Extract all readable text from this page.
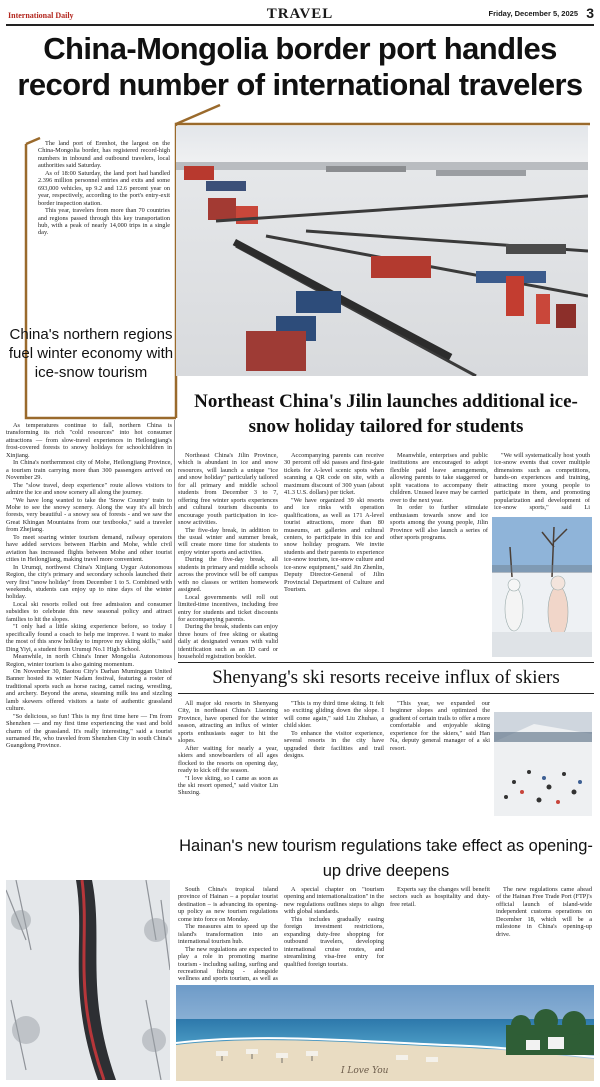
International Daily	TRAVEL	Friday, December 5, 2025 3
China-Mongolia border port handles record number of international travelers

The land port of Erenhot, the largest on the China-Mongolia border, has registered record-high numbers in inbound and outbound travelers, local authorities said Saturday.

As of 18:00 Saturday, the land port had handled 2.396 million personnel entries and exits and some 693,000 vehicles, up 9.2 and 12.6 percent year on year, respectively, according to the port's entry-exit border inspection station.

This year, travelers from more than 70 countries and regions passed through this key transportation hub, with a peak of nearly 14,000 trips in a single day.

China's northern regions fuel winter economy with ice-snow tourism

As temperatures continue to fall, northern China is transforming its rich "cold resources" into hot consumer attractions — from slow-travel experiences in Heilongjiang's frost-covered forests to snowy holidays for schoolchildren in Xinjiang.

In China's northernmost city of Mohe, Heilongjiang Province, a tourism train carrying more than 300 passengers arrived on November 29.

The "slow travel, deep experience" route allows visitors to admire the ice and snow scenery all along the journey.

"We have long wanted to take the 'Snow Country' train to Mohe to see the snowy scenery. Along the way it's all birch forests, very beautiful - a snowy sea of forests - and we saw the Great Khingan Mountains from our textbooks," said a traveler from Zhejiang.

To meet soaring winter tourism demand, railway operators have added services between Harbin and Mohe, while civil aviation has increased flights between Mohe and other tourist cities in Heilongjiang, making travel more convenient.

In Urumqi, northwest China's Xinjiang Uygur Autonomous Region, the city's primary and secondary schools launched their very first "snow holiday" from December 1 to 5. Combined with weekends, students can enjoy up to nine days of the winter holiday.

Local ski resorts rolled out free admission and consumer subsidies to celebrate this new seasonal policy and attract families to hit the slopes.

"I only had a little skiing experience before, so today I specifically found a coach to help me improve. I want to make the most of this snow holiday to improve my skiing skills," said Ding Yiyi, a student from Urumqi No.1 High School.

Meanwhile, in north China's Inner Mongolia Autonomous Region, winter tourism is also gaining momentum.

On November 30, Baotou City's Darhan Muminggan United Banner hosted its winter Nadam festival, featuring a roster of traditional sports such as horse racing, camel racing, wrestling, and archery. Beyond the arena, steaming milk tea and sizzling lamb skewers offered visitors a taste of authentic grassland culture.

"So delicious, so fun! This is my first time here — I'm from Shenzhen — and my first time experiencing the vast and bold charm of the grassland. It's really interesting," said a tourist surnamed He, who traveled from Shenzhen City in south China's Guangdong Province.

Northeast China's Jilin launches additional ice-snow holiday tailored for students

Northeast China's Jilin Province, which is abundant in ice and snow resources, will launch a unique "ice and snow holiday" particularly tailored for all primary and middle school students from December 3 to 7, offering free winter sports experiences and cultural tourism discounts to encourage youth participation in ice-snow activities.

The five-day break, in addition to the usual winter and summer break, will create more time for students to enjoy winter sports and activities.

During the five-day break, all students in primary and middle schools across the province will be off campus with no classes or written homework assigned.

Local governments will roll out limited-time incentives, including free entry for students and ticket discounts for accompanying parents.

During the break, students can enjoy three hours of free skiing or skating daily at designated venues with valid identification such as an ID card or household registration booklet.

Accompanying parents can receive 30 percent off ski passes and first-gate tickets for A-level scenic spots when scanning a QR code on site, with a maximum discount of 300 yuan (about 41.3 U.S. dollars) per ticket.

"We have organized 39 ski resorts and ice rinks with operation qualifications, as well as 171 A-level tourist attractions, more than 80 museums, art galleries and cultural centers, to participate in this ice and snow holiday program. We invite students and their parents to experience ice-snow tourism, ice-snow culture and ice-snow equipment," said Jin Zhenlin, Deputy Director-General of Jilin Provincial Department of Culture and Tourism.

Meanwhile, enterprises and public institutions are encouraged to adopt flexible paid leave arrangements, allowing parents to take staggered or split vacations to accompany their children. Unused leave may be carried over to the next year.

In order to further stimulate enthusiasm towards snow and ice sports among the young people, Jilin Province will also launch a series of other sports programs.

"We will systematically host youth ice-snow events that cover multiple dimensions such as competitions, hands-on experiences and training, attracting more young people to participate in them, and promoting popularization and development of ice-snow sports," said Li

Shenyang's ski resorts receive influx of skiers

All major ski resorts in Shenyang City, in northeast China's Liaoning Province, have opened for the winter season, attracting an influx of winter sports enthusiasts eager to hit the slopes.

After waiting for nearly a year, skiers and snowboarders of all ages flocked to the resorts on opening day, ready to kick off the season.

"I love skiing, so I came as soon as the ski resort opened," said visitor Lin Shuxing.

"This is my third time skiing. It felt so exciting gliding down the slope. I will come again," said Liu Zhuhao, a child skier.

To enhance the visitor experience, several resorts in the city have upgraded their facilities and trail designs.

"This year, we expanded our beginner slopes and optimized the gradient of certain trails to offer a more comfortable and enjoyable skiing experience for the skiers," said Han Na, deputy general manager of a ski resort.

Hainan's new tourism regulations take effect as opening-up drive deepens

South China's tropical island province of Hainan – a popular tourist destination – is advancing its opening-up policy as new tourism regulations come into force on Monday.

The measures aim to speed up the island's transformation into an international tourism hub.

The new regulations are expected to play a role in promoting marine tourism - including sailing, surfing and recreational fishing - alongside wellness and sports tourism, as well as

A special chapter on "tourism opening and internationalization" in the new regulations outlines steps to align with global standards.

This includes gradually easing foreign investment restrictions, expanding duty-free shopping for outbound travelers, developing international cruise routes, and streamlining visa-free entry for qualified foreign tourists.

Experts say the changes will benefit sectors such as hospitality and duty-free retail.

The new regulations came ahead of the Hainan Free Trade Port (FTP)'s official launch of island-wide independent customs operations on December 18, which will be a milestone in China's opening-up drive.

I Love You
